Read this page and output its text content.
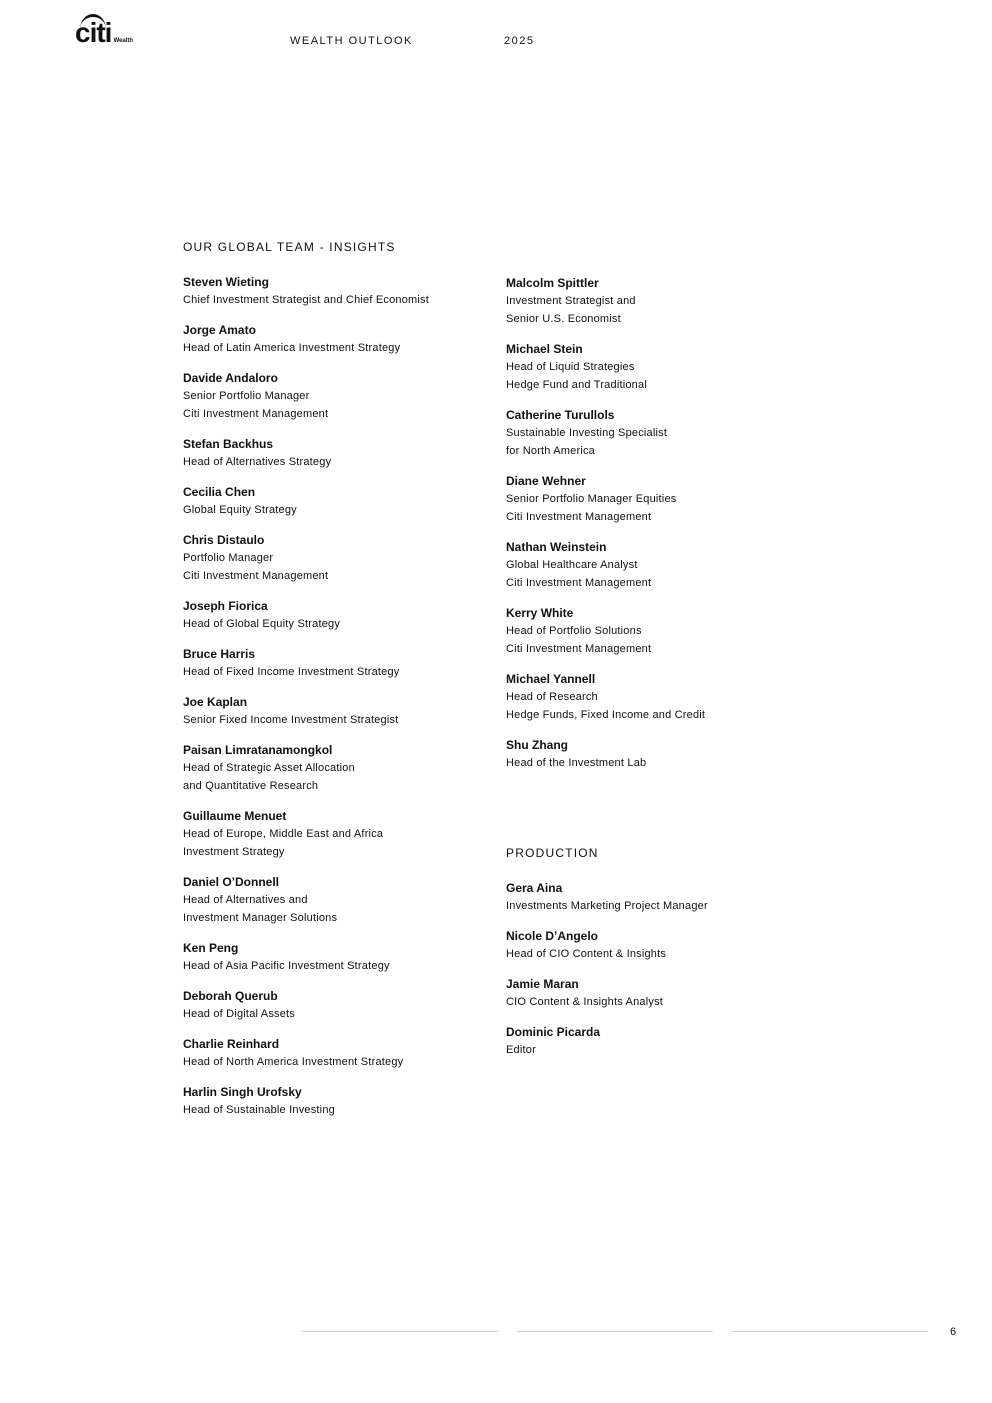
citi Wealth	WEALTH OUTLOOK	2025
OUR GLOBAL TEAM - INSIGHTS
Steven Wieting
Chief Investment Strategist and Chief Economist
Jorge Amato
Head of Latin America Investment Strategy
Davide Andaloro
Senior Portfolio Manager
Citi Investment Management
Stefan Backhus
Head of Alternatives Strategy
Cecilia Chen
Global Equity Strategy
Chris Distaulo
Portfolio Manager
Citi Investment Management
Joseph Fiorica
Head of Global Equity Strategy
Bruce Harris
Head of Fixed Income Investment Strategy
Joe Kaplan
Senior Fixed Income Investment Strategist
Paisan Limratanamongkol
Head of Strategic Asset Allocation
and Quantitative Research
Guillaume Menuet
Head of Europe, Middle East and Africa
Investment Strategy
Daniel O’Donnell
Head of Alternatives and
Investment Manager Solutions
Ken Peng
Head of Asia Pacific Investment Strategy
Deborah Querub
Head of Digital Assets
Charlie Reinhard
Head of North America Investment Strategy
Harlin Singh Urofsky
Head of Sustainable Investing
Malcolm Spittler
Investment Strategist and
Senior U.S. Economist
Michael Stein
Head of Liquid Strategies
Hedge Fund and Traditional
Catherine Turullols
Sustainable Investing Specialist
for North America
Diane Wehner
Senior Portfolio Manager Equities
Citi Investment Management
Nathan Weinstein
Global Healthcare Analyst
Citi Investment Management
Kerry White
Head of Portfolio Solutions
Citi Investment Management
Michael Yannell
Head of Research
Hedge Funds, Fixed Income and Credit
Shu Zhang
Head of the Investment Lab
PRODUCTION
Gera Aina
Investments Marketing Project Manager
Nicole D’Angelo
Head of CIO Content & Insights
Jamie Maran
CIO Content & Insights Analyst
Dominic Picarda
Editor
6
